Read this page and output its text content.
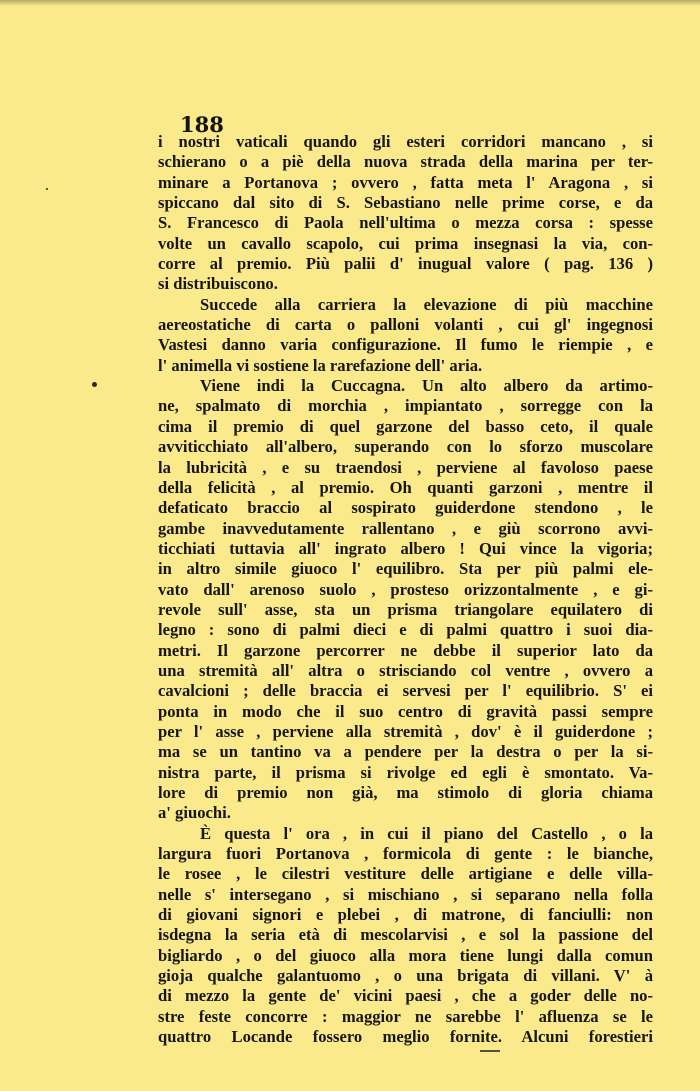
188
i nostri vaticali quando gli esteri corridori mancano , si
schierano o a piè della nuova strada della marina per ter-
minare a Portanova ; ovvero , fatta meta l' Aragona , si
spiccano dal sito di S. Sebastiano nelle prime corse, e da
S. Francesco di Paola nell'ultima o mezza corsa : spesse
volte un cavallo scapolo, cui prima insegnasi la via, con-
corre al premio. Più palii d' inugual valore ( pag. 136 )
si distribuiscono.
Succede alla carriera la elevazione di più macchine
aereostatiche di carta o palloni volanti , cui gl' ingegnosi
Vastesi danno varia configurazione. Il fumo le riempie , e
l' animella vi sostiene la rarefazione dell' aria.
Viene indi la Cuccagna. Un alto albero da artimo-
ne, spalmato di morchia , impiantato , sorregge con la
cima il premio di quel garzone del basso ceto, il quale
avviticchiato all'albero, superando con lo sforzo muscolare
la lubricità , e su traendosi , perviene al favoloso paese
della felicità , al premio. Oh quanti garzoni , mentre il
defaticato braccio al sospirato guiderdone stendono , le
gambe inavvedutamente rallentano , e giù scorrono avvi-
ticchiati tuttavia all' ingrato albero ! Qui vince la vigoria;
in altro simile giuoco l' equilibro. Sta per più palmi ele-
vato dall' arenoso suolo , prosteso orizzontalmente , e gi-
revole sull' asse, sta un prisma triangolare equilatero di
legno : sono di palmi dieci e di palmi quattro i suoi dia-
metri. Il garzone percorrer ne debbe il superior lato da
una stremità all' altra o strisciando col ventre , ovvero a
cavalcioni ; delle braccia ei servesi per l' equilibrio. S' ei
ponta in modo che il suo centro di gravità passi sempre
per l' asse , perviene alla stremità , dov' è il guiderdone ;
ma se un tantino va a pendere per la destra o per la si-
nistra parte, il prisma si rivolge ed egli è smontato. Va-
lore di premio non già, ma stimolo di gloria chiama
a' giuochi.
È questa l' ora , in cui il piano del Castello , o la
largura fuori Portanova , formicola di gente : le bianche,
le rosee , le cilestri vestiture delle artigiane e delle villa-
nelle s' intersegano , si mischiano , si separano nella folla
di giovani signori e plebei , di matrone, di fanciulli: non
isdegna la seria età di mescolarvisi , e sol la passione del
bigliardo , o del giuoco alla mora tiene lungi dalla comun
gioja qualche galantuomo , o una brigata di villani. V' à
di mezzo la gente de' vicini paesi , che a goder delle no-
stre feste concorre : maggior ne sarebbe l' afluenza se le
quattro Locande fossero meglio fornite. Alcuni forestieri
